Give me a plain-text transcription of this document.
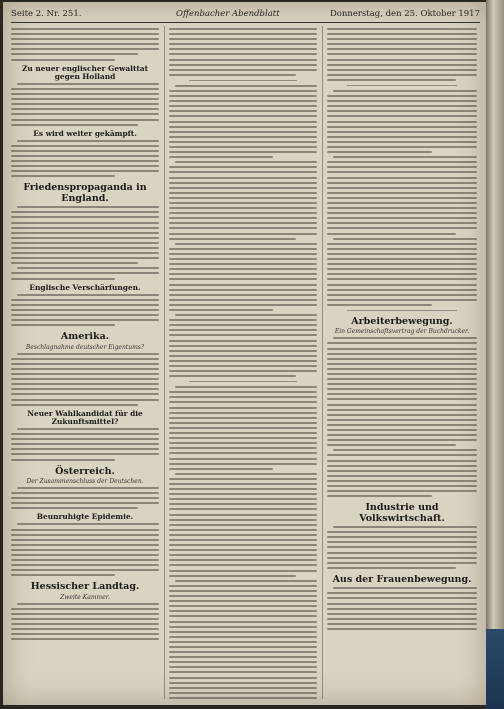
Seite 2. Nr. 251.	Offenbacher Abendblatt	Donnerstag, den 25. Oktober 1917
Zu neuer englischer Gewalttat gegen Holland
Es wird weiter gekämpft.
Friedenspropaganda in England.
Englische Verschärfungen.
Amerika.
Beschlagnahme deutscher Eigentums?
Neuer Wahlkandidat für die Zukunftsmittel?
Österreich.
Der Zusammenschluss der Deutschen.
Beunruhigte Epidemie.
Hessischer Landtag.
Zweite Kammer.
Arbeiterbewegung.
Ein Gemeinschaftsvertrag der Buchdrucker.
Industrie und Volkswirtschaft.
Aus der Frauenbewegung.
